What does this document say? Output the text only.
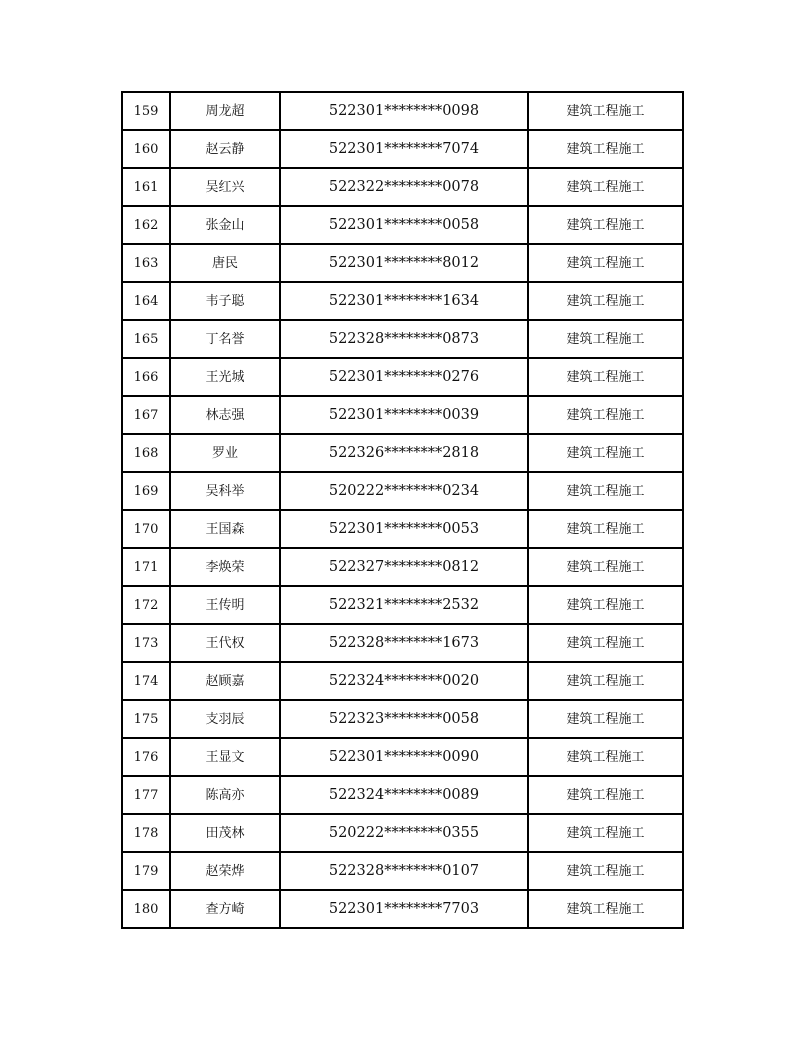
159	周龙超	522301********0098	建筑工程施工
160	赵云静	522301********7074	建筑工程施工
161	吴红兴	522322********0078	建筑工程施工
162	张金山	522301********0058	建筑工程施工
163	唐民	522301********8012	建筑工程施工
164	韦子聪	522301********1634	建筑工程施工
165	丁名誉	522328********0873	建筑工程施工
166	王光城	522301********0276	建筑工程施工
167	林志强	522301********0039	建筑工程施工
168	罗业	522326********2818	建筑工程施工
169	吴科举	520222********0234	建筑工程施工
170	王国森	522301********0053	建筑工程施工
171	李焕荣	522327********0812	建筑工程施工
172	王传明	522321********2532	建筑工程施工
173	王代权	522328********1673	建筑工程施工
174	赵顾嘉	522324********0020	建筑工程施工
175	支羽辰	522323********0058	建筑工程施工
176	王显文	522301********0090	建筑工程施工
177	陈高亦	522324********0089	建筑工程施工
178	田茂林	520222********0355	建筑工程施工
179	赵荣烨	522328********0107	建筑工程施工
180	查方崎	522301********7703	建筑工程施工
